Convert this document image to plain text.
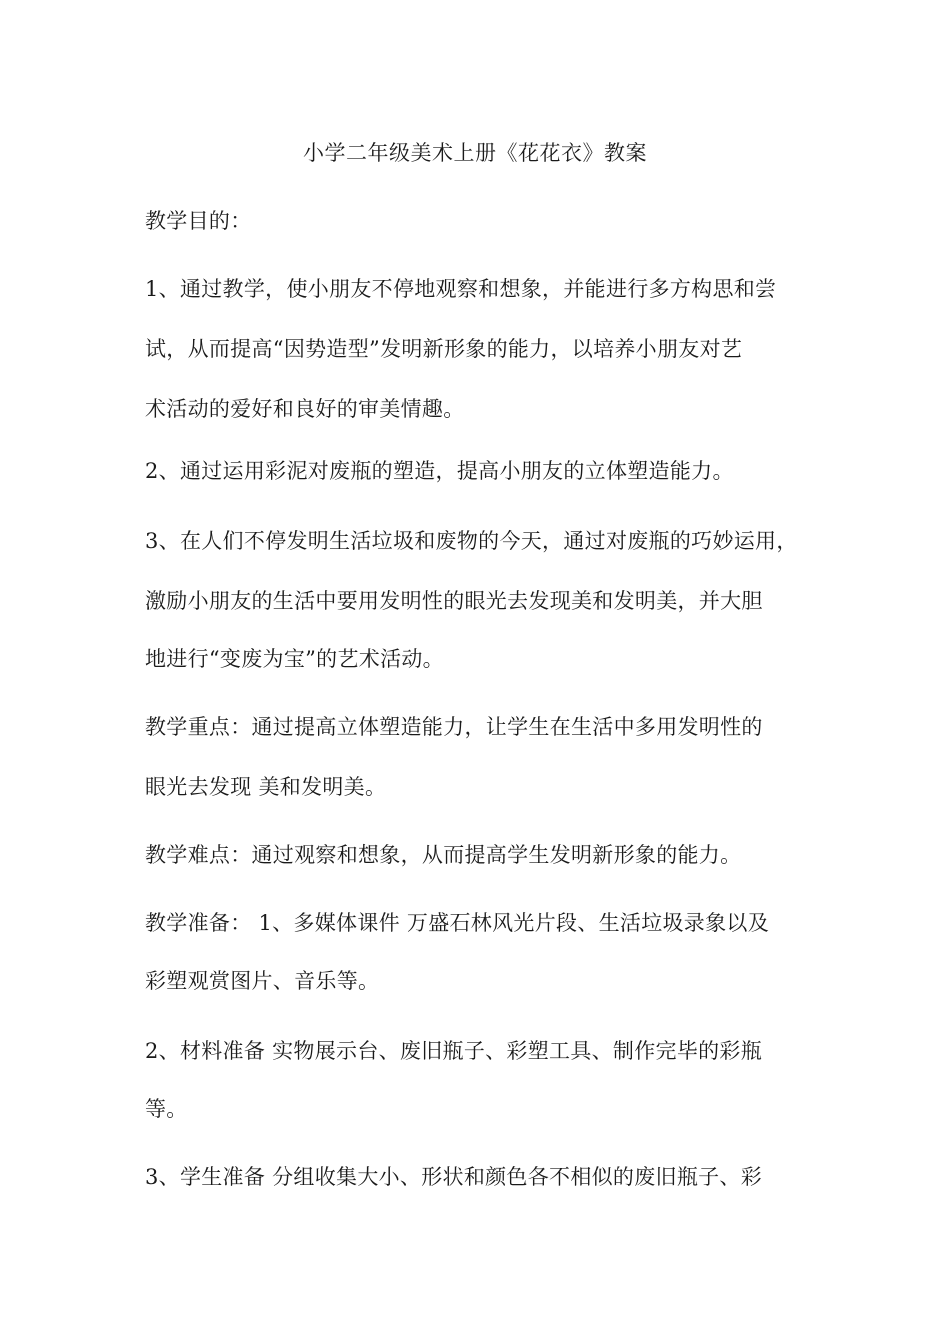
小学二年级美术上册《花花衣》教案
教学目的：
1、通过教学，使小朋友不停地观察和想象，并能进行多方构思和尝
试，从而提高“因势造型”发明新形象的能力，以培养小朋友对艺
术活动的爱好和良好的审美情趣。
2、通过运用彩泥对废瓶的塑造，提高小朋友的立体塑造能力。
3、在人们不停发明生活垃圾和废物的今天，通过对废瓶的巧妙运用，
激励小朋友的生活中要用发明性的眼光去发现美和发明美，并大胆
地进行“变废为宝”的艺术活动。
教学重点：通过提高立体塑造能力，让学生在生活中多用发明性的
眼光去发现 美和发明美。
教学难点：通过观察和想象，从而提高学生发明新形象的能力。
教学准备： 1、多媒体课件 万盛石林风光片段、生活垃圾录象以及
彩塑观赏图片、音乐等。
2、材料准备 实物展示台、废旧瓶子、彩塑工具、制作完毕的彩瓶
等。
3、学生准备 分组收集大小、形状和颜色各不相似的废旧瓶子、彩
